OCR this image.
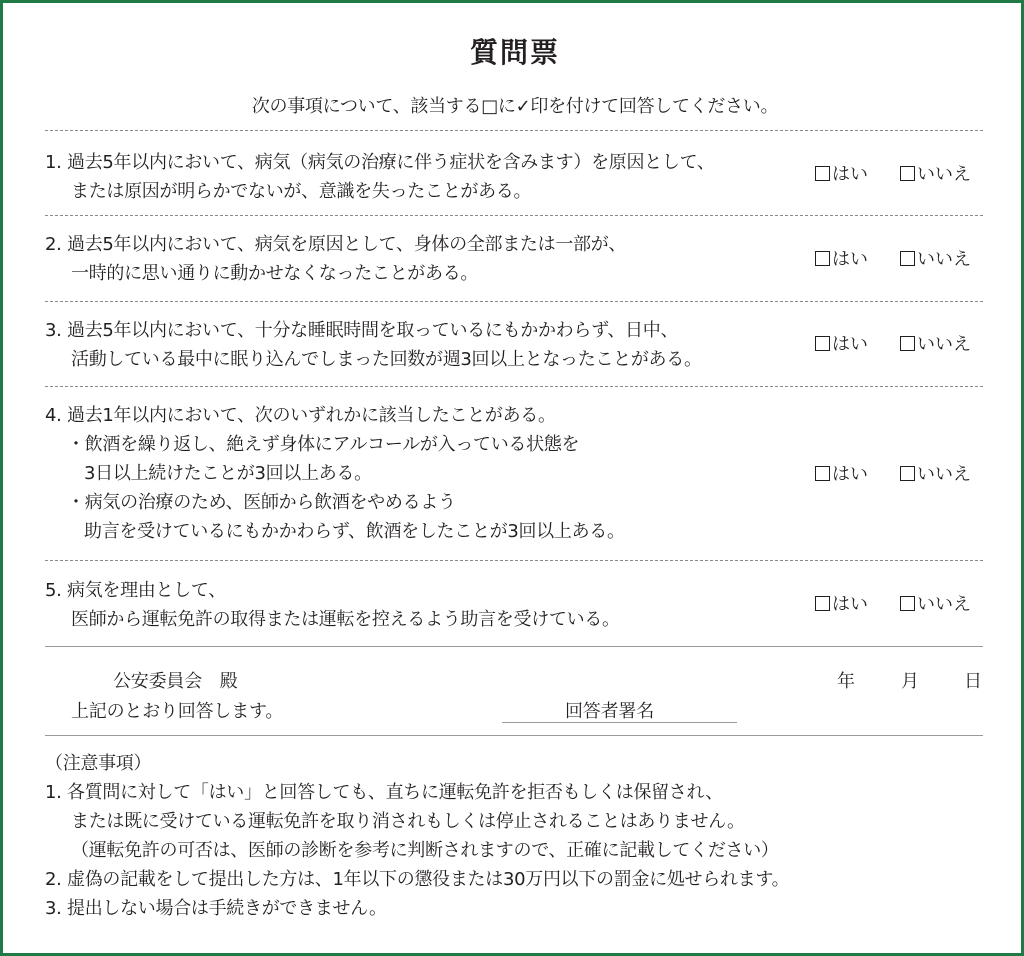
質問票
次の事項について、該当する□に✓印を付けて回答してください。
1. 過去5年以内において、病気（病気の治療に伴う症状を含みます）を原因として、
または原因が明らかでないが、意識を失ったことがある。
はい	いいえ
2. 過去5年以内において、病気を原因として、身体の全部または一部が、
一時的に思い通りに動かせなくなったことがある。
はい	いいえ
3. 過去5年以内において、十分な睡眠時間を取っているにもかかわらず、日中、
活動している最中に眠り込んでしまった回数が週3回以上となったことがある。
はい	いいえ
4. 過去1年以内において、次のいずれかに該当したことがある。
・飲酒を繰り返し、絶えず身体にアルコールが入っている状態を
3日以上続けたことが3回以上ある。
・病気の治療のため、医師から飲酒をやめるよう
助言を受けているにもかかわらず、飲酒をしたことが3回以上ある。
はい	いいえ
5. 病気を理由として、
医師から運転免許の取得または運転を控えるよう助言を受けている。
はい	いいえ
公安委員会　殿
上記のとおり回答します。	回答者署名
年	月	日
（注意事項）
1. 各質問に対して「はい」と回答しても、直ちに運転免許を拒否もしくは保留され、
または既に受けている運転免許を取り消されもしくは停止されることはありません。
（運転免許の可否は、医師の診断を参考に判断されますので、正確に記載してください）
2. 虚偽の記載をして提出した方は、1年以下の懲役または30万円以下の罰金に処せられます。
3. 提出しない場合は手続きができません。
